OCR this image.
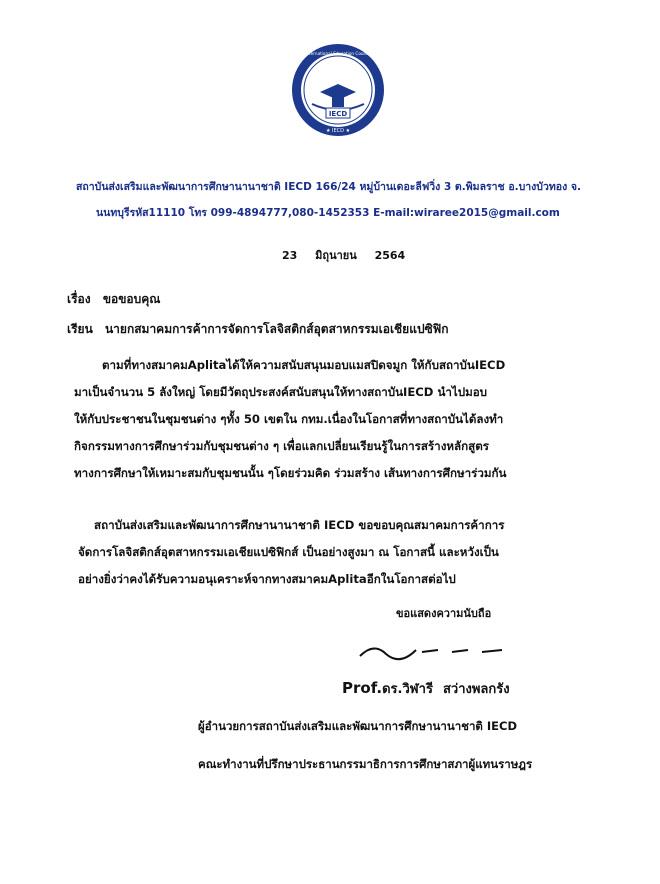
IECD
International Education Council
★ IECD ★
สถาบันส่งเสริมและพัฒนาการศึกษานานาชาติ IECD 166/24 หมู่บ้านเดอะลีฟวิ่ง 3 ต.พิมลราช อ.บางบัวทอง จ.
นนทบุรีรหัส11110 โทร 099-4894777,080-1452353 E-mail:wiraree2015@gmail.com
23 มิถุนายน 2564
เรื่อง ขอขอบคุณ
เรียน นายกสมาคมการค้าการจัดการโลจิสติกส์อุตสาหกรรมเอเชียแปซิฟิก
ตามที่ทางสมาคมAplitaได้ให้ความสนับสนุนมอบแมสปิดจมูก ให้กับสถาบันIECD
มาเป็นจำนวน 5 ลังใหญ่ โดยมีวัตถุประสงค์สนับสนุนให้ทางสถาบันIECD นำไปมอบ
ให้กับประชาชนในชุมชนต่าง ๆทั้ง 50 เขตใน กทม.เนื่องในโอกาสที่ทางสถาบันได้ลงทำ
กิจกรรมทางการศึกษาร่วมกับชุมชนต่าง ๆ เพื่อแลกเปลี่ยนเรียนรู้ในการสร้างหลักสูตร
ทางการศึกษาให้เหมาะสมกับชุมชนนั้น ๆโดยร่วมคิด ร่วมสร้าง เส้นทางการศึกษาร่วมกัน
สถาบันส่งเสริมและพัฒนาการศึกษานานาชาติ IECD ขอขอบคุณสมาคมการค้าการ
จัดการโลจิสติกส์อุตสาหกรรมเอเชียแปซิฟิกส์ เป็นอย่างสูงมา ณ โอกาสนี้ และหวังเป็น
อย่างยิ่งว่าคงได้รับความอนุเคราะห์จากทางสมาคมAplitaอีกในโอกาสต่อไป
ขอแสดงความนับถือ
Prof.ดร.วิฬารี สว่างพลกรัง
ผู้อำนวยการสถาบันส่งเสริมและพัฒนาการศึกษานานาชาติ IECD
คณะทำงานที่ปรึกษาประธานกรรมาธิการการศึกษาสภาผู้แทนราษฎร
